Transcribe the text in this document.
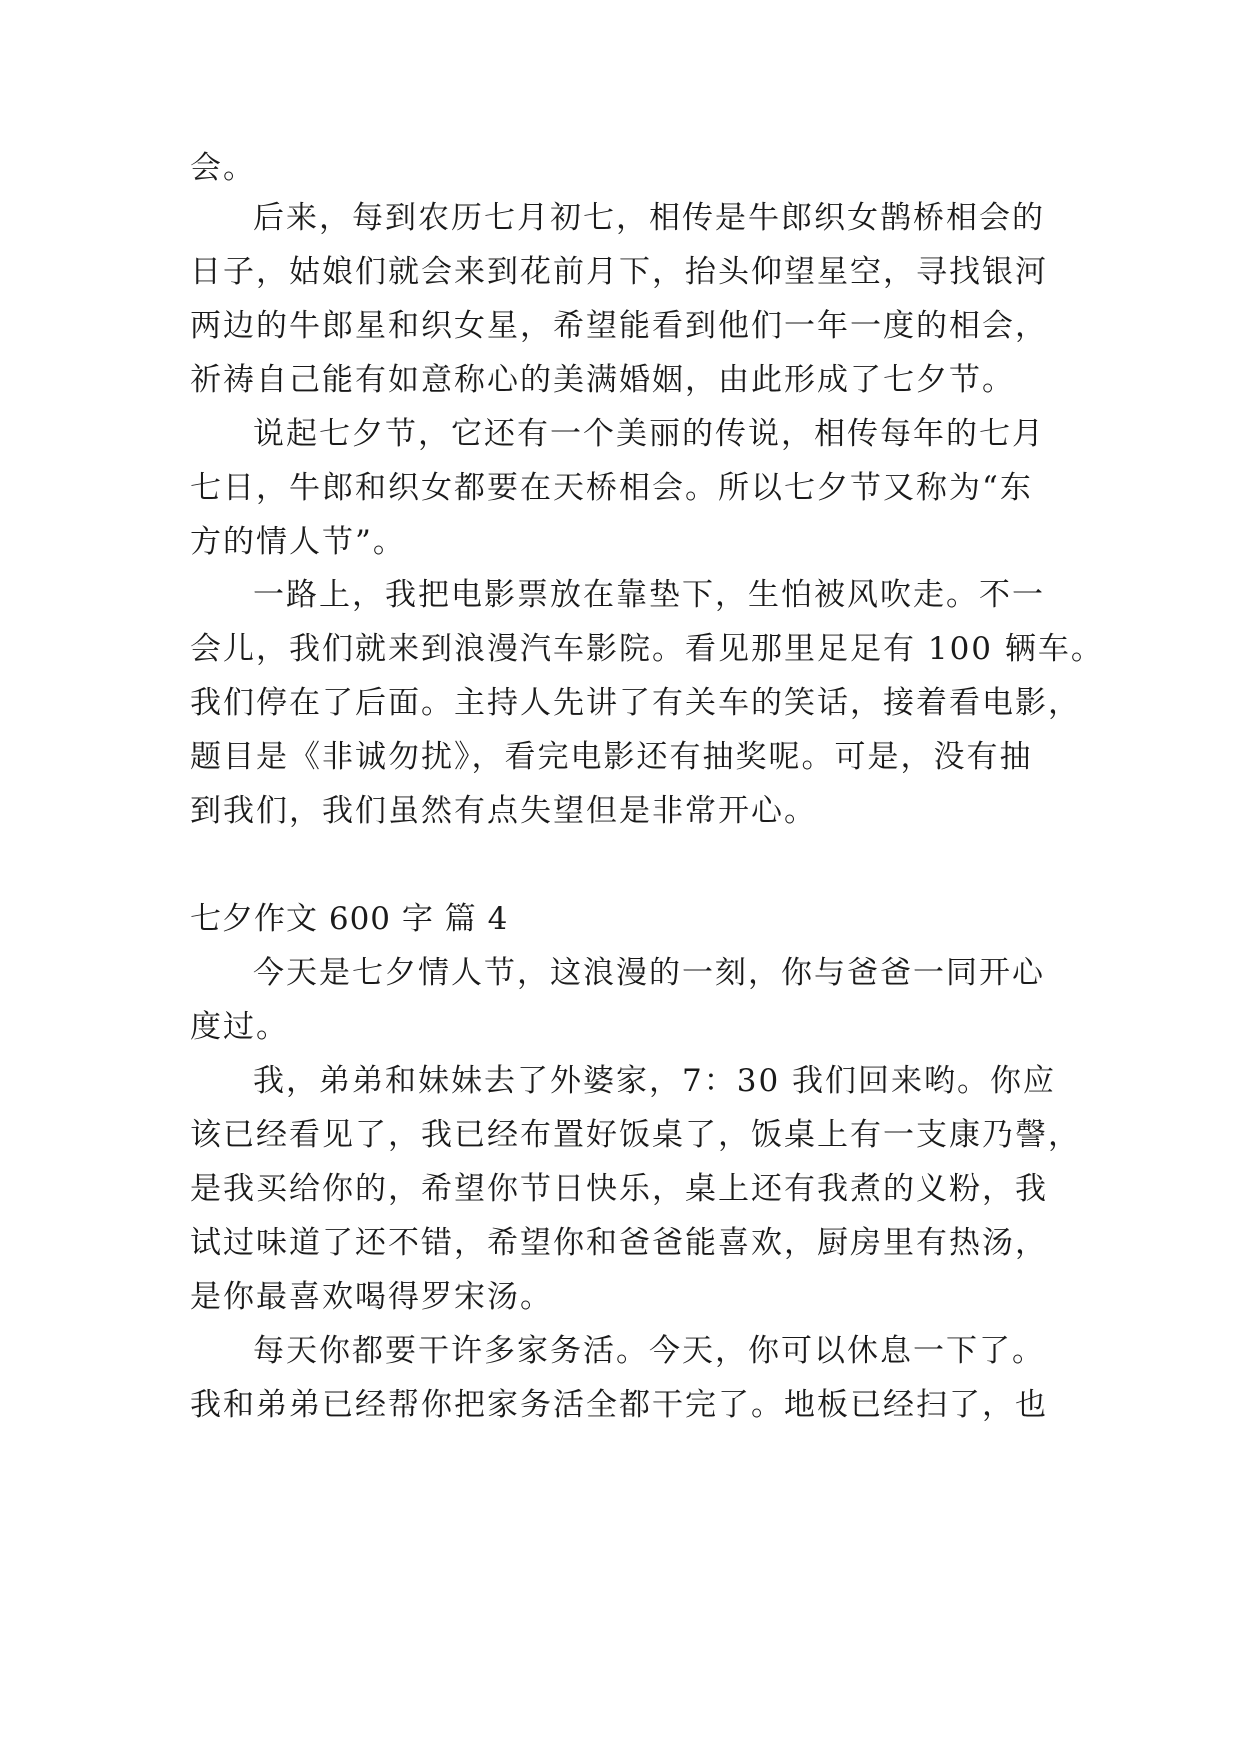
会。
后来，每到农历七月初七，相传是牛郎织女鹊桥相会的
日子，姑娘们就会来到花前月下，抬头仰望星空，寻找银河
两边的牛郎星和织女星，希望能看到他们一年一度的相会，
祈祷自己能有如意称心的美满婚姻，由此形成了七夕节。
说起七夕节，它还有一个美丽的传说，相传每年的七月
七日，牛郎和织女都要在天桥相会。所以七夕节又称为“东
方的情人节”。
一路上，我把电影票放在靠垫下，生怕被风吹走。不一
会儿，我们就来到浪漫汽车影院。看见那里足足有 100 辆车。
我们停在了后面。主持人先讲了有关车的笑话，接着看电影，
题目是《非诚勿扰》，看完电影还有抽奖呢。可是，没有抽
到我们，我们虽然有点失望但是非常开心。
七夕作文 600 字 篇 4
今天是七夕情人节，这浪漫的一刻，你与爸爸一同开心
度过。
我，弟弟和妹妹去了外婆家，7：30 我们回来哟。你应
该已经看见了，我已经布置好饭桌了，饭桌上有一支康乃謦，
是我买给你的，希望你节日快乐，桌上还有我煮的义粉，我
试过味道了还不错，希望你和爸爸能喜欢，厨房里有热汤，
是你最喜欢喝得罗宋汤。
每天你都要干许多家务活。今天，你可以休息一下了。
我和弟弟已经帮你把家务活全都干完了。地板已经扫了，也
